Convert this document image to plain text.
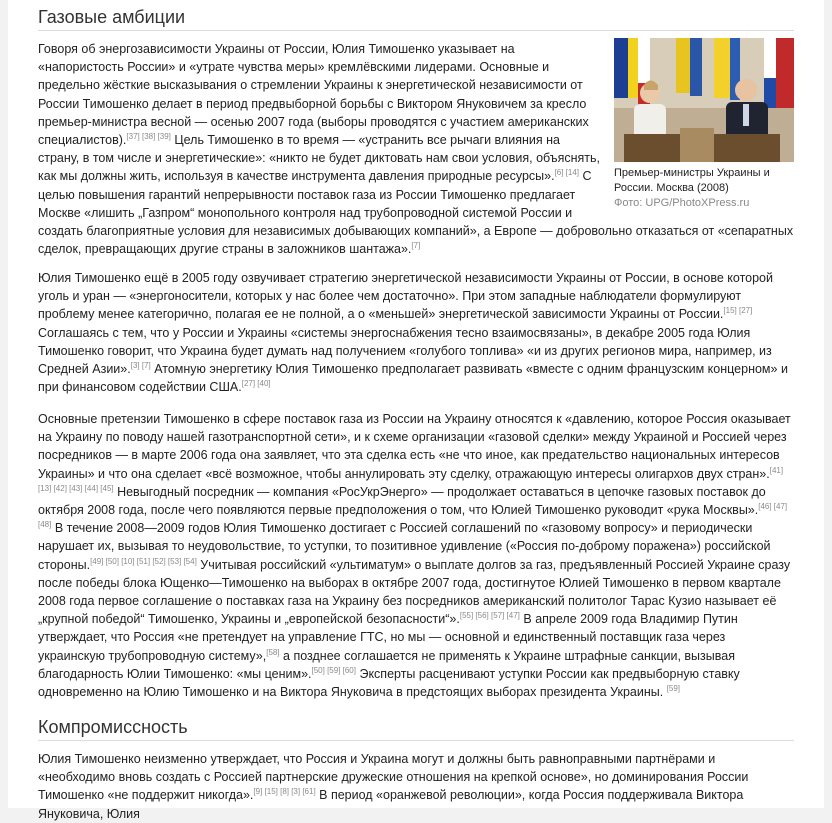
Газовые амбиции

Премьер-министры Украины и России. Москва (2008)
Фото: UPG/PhotoXPress.ru
Говоря об энергозависимости Украины от России, Юлия Тимошенко указывает на «напористость России» и «утрате чувства меры» кремлёвскими лидерами. Основные и предельно жёсткие высказывания о стремлении Украины к энергетической независимости от России Тимошенко делает в период предвыборной борьбы с Виктором Януковичем за кресло премьер-министра весной — осенью 2007 года (выборы проводятся с участием американских специалистов).[37] [38] [39] Цель Тимошенко в то время — «устранить все рычаги влияния на страну, в том числе и энергетические»: «никто не будет диктовать нам свои условия, объяснять, как мы должны жить, используя в качестве инструмента давления природные ресурсы».[6] [14] С целью повышения гарантий непрерывности поставок газа из России Тимошенко предлагает Москве «лишить „Газпром“ монопольного контроля над трубопроводной системой России и создать благоприятные условия для независимых добывающих компаний», а Европе — добровольно отказаться от «сепаратных сделок, превращающих другие страны в заложников шантажа».[7]

Юлия Тимошенко ещё в 2005 году озвучивает стратегию энергетической независимости Украины от России, в основе которой уголь и уран — «энергоносители, которых у нас более чем достаточно». При этом западные наблюдатели формулируют проблему менее категорично, полагая ее не полной, а о «меньшей» энергетической зависимости Украины от России.[15] [27] Соглашаясь с тем, что у России и Украины «системы энергоснабжения тесно взаимосвязаны», в декабре 2005 года Юлия Тимошенко говорит, что Украина будет думать над получением «голубого топлива» «и из других регионов мира, например, из Средней Азии».[3] [7] Атомную энергетику Юлия Тимошенко предполагает развивать «вместе с одним французским концерном» и при финансовом содействии США.[27] [40]

Основные претензии Тимошенко в сфере поставок газа из России на Украину относятся к «давлению, которое Россия оказывает на Украину по поводу нашей газотранспортной сети», и к схеме организации «газовой сделки» между Украиной и Россией через посредников — в марте 2006 года она заявляет, что эта сделка есть «не что иное, как предательство национальных интересов Украины» и что она сделает «всё возможное, чтобы аннулировать эту сделку, отражающую интересы олигархов двух стран».[41] [13] [42] [43] [44] [45] Невыгодный посредник — компания «РосУкрЭнерго» — продолжает оставаться в цепочке газовых поставок до октября 2008 года, после чего появляются первые предположения о том, что Юлией Тимошенко руководит «рука Москвы».[46] [47] [48] В течение 2008—2009 годов Юлия Тимошенко достигает с Россией соглашений по «газовому вопросу» и периодически нарушает их, вызывая то неудовольствие, то уступки, то позитивное удивление («Россия по-доброму поражена») российской стороны.[49] [50] [10] [51] [52] [53] [54] Учитывая российский «ультиматум» о выплате долгов за газ, предъявленный Россией Украине сразу после победы блока Ющенко—Тимошенко на выборах в октябре 2007 года, достигнутое Юлией Тимошенко в первом квартале 2008 года первое соглашение о поставках газа на Украину без посредников американский политолог Тарас Кузио называет её „крупной победой“ Тимошенко, Украины и „европейской безопасности“».[55] [56] [57] [47] В апреле 2009 года Владимир Путин утверждает, что Россия «не претендует на управление ГТС, но мы — основной и единственный поставщик газа через украинскую трубопроводную систему»,[58] а позднее соглашается не применять к Украине штрафные санкции, вызывая благодарность Юлии Тимошенко: «мы ценим».[50] [59] [60] Эксперты расценивают уступки России как предвыборную ставку одновременно на Юлию Тимошенко и на Виктора Януковича в предстоящих выборах президента Украины. [59]

Компромиссность

Юлия Тимошенко неизменно утверждает, что Россия и Украина могут и должны быть равноправными партнёрами и «необходимо вновь создать с Россией партнерские дружеские отношения на крепкой основе», но доминирования России Тимошенко «не поддержит никогда».[9] [15] [8] [3] [61] В период «оранжевой революции», когда Россия поддерживала Виктора Януковича, Юлия
